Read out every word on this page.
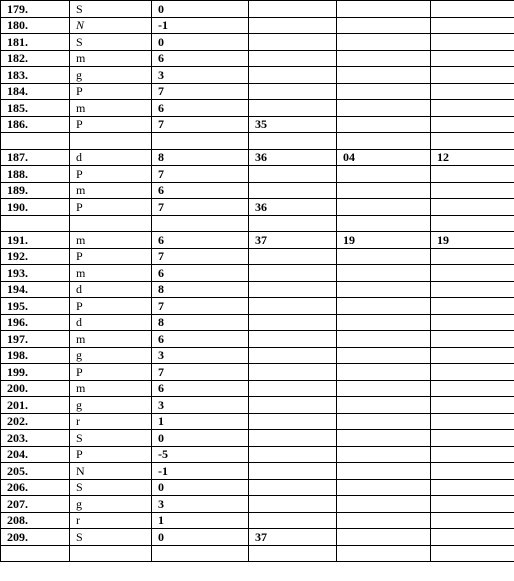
179.	S	0			
180.	N	-1			
181.	S	0			
182.	m	6			
183.	g	3			
184.	P	7			
185.	m	6			
186.	P	7	35		

187.	d	8	36	04	12
188.	P	7			
189.	m	6			
190.	P	7	36		

191.	m	6	37	19	19
192.	P	7			
193.	m	6			
194.	d	8			
195.	P	7			
196.	d	8			
197.	m	6			
198.	g	3			
199.	P	7			
200.	m	6			
201.	g	3			
202.	r	1			
203.	S	0			
204.	P	-5			
205.	N	-1			
206.	S	0			
207.	g	3			
208.	r	1			
209.	S	0	37		
